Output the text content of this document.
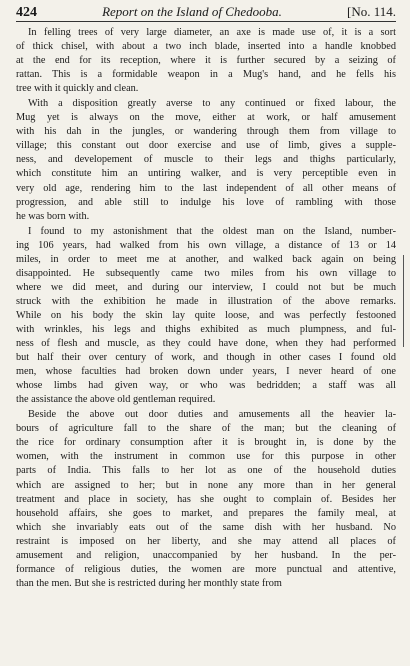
424	Report on the Island of Chedooba.	[No. 114.
In felling trees of very large diameter, an axe is made use of, it is a sort
of thick chisel, with about a two inch blade, inserted into a handle knobbed
at the end for its reception, where it is further secured by a seizing of
rattan. This is a formidable weapon in a Mug's hand, and he fells his
tree with it quickly and clean.
With a disposition greatly averse to any continued or fixed labour, the
Mug yet is always on the move, either at work, or half amusement
with his dah in the jungles, or wandering through them from village to
village; this constant out door exercise and use of limb, gives a supple-
ness, and developement of muscle to their legs and thighs particularly,
which constitute him an untiring walker, and is very perceptible even in
very old age, rendering him to the last independent of all other means of
progression, and able still to indulge his love of rambling with those
he was born with.
I found to my astonishment that the oldest man on the Island, number-
ing 106 years, had walked from his own village, a distance of 13 or 14
miles, in order to meet me at another, and walked back again on being
disappointed. He subsequently came two miles from his own village to
where we did meet, and during our interview, I could not but be much
struck with the exhibition he made in illustration of the above remarks.
While on his body the skin lay quite loose, and was perfectly festooned
with wrinkles, his legs and thighs exhibited as much plumpness, and ful-
ness of flesh and muscle, as they could have done, when they had performed
but half their over century of work, and though in other cases I found old
men, whose faculties had broken down under years, I never heard of one
whose limbs had given way, or who was bedridden; a staff was all
the assistance the above old gentleman required.
Beside the above out door duties and amusements all the heavier la-
bours of agriculture fall to the share of the man; but the cleaning of
the rice for ordinary consumption after it is brought in, is done by the
women, with the instrument in common use for this purpose in other
parts of India. This falls to her lot as one of the household duties
which are assigned to her; but in none any more than in her general
treatment and place in society, has she ought to complain of. Besides her
household affairs, she goes to market, and prepares the family meal, at
which she invariably eats out of the same dish with her husband. No
restraint is imposed on her liberty, and she may attend all places of
amusement and religion, unaccompanied by her husband. In the per-
formance of religious duties, the women are more punctual and attentive,
than the men. But she is restricted during her monthly state from
